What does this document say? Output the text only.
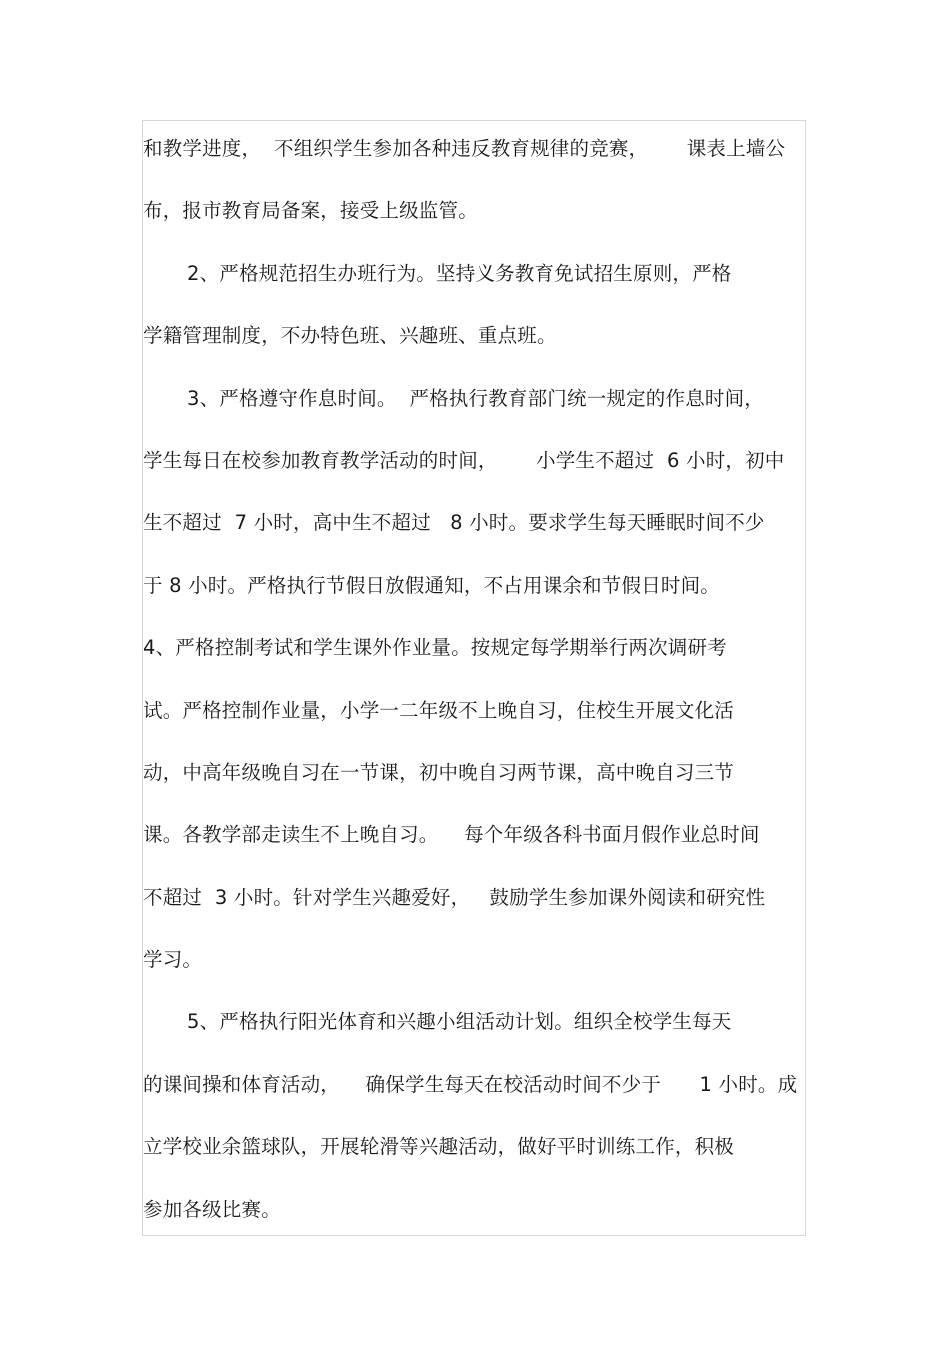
和教学进度，  不组织学生参加各种违反教育规律的竞赛，      课表上墙公
布，报市教育局备案，接受上级监管。
2、严格规范招生办班行为。坚持义务教育免试招生原则，严格
学籍管理制度，不办特色班、兴趣班、重点班。
3、严格遵守作息时间。  严格执行教育部门统一规定的作息时间，
学生每日在校参加教育教学活动的时间，      小学生不超过  6 小时，初中
生不超过  7 小时，高中生不超过   8 小时。要求学生每天睡眠时间不少
于 8 小时。严格执行节假日放假通知，不占用课余和节假日时间。
4、严格控制考试和学生课外作业量。按规定每学期举行两次调研考
试。严格控制作业量，小学一二年级不上晚自习，住校生开展文化活
动，中高年级晚自习在一节课，初中晚自习两节课，高中晚自习三节
课。各教学部走读生不上晚自习。    每个年级各科书面月假作业总时间
不超过  3 小时。针对学生兴趣爱好，   鼓励学生参加课外阅读和研究性
学习。
5、严格执行阳光体育和兴趣小组活动计划。组织全校学生每天
的课间操和体育活动，    确保学生每天在校活动时间不少于      1 小时。成
立学校业余篮球队，开展轮滑等兴趣活动，做好平时训练工作，积极
参加各级比赛。
